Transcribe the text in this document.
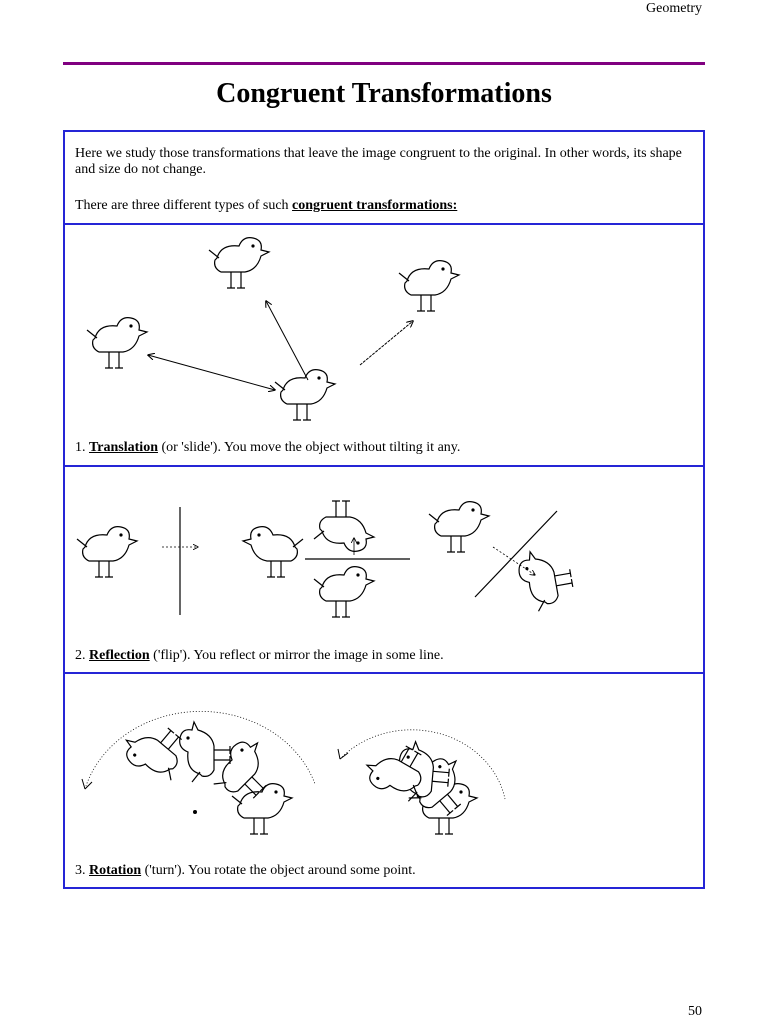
Geometry
Congruent Transformations

Here we study those transformations that leave the image congruent to the original. In other words, its shape and size do not change.

There are three different types of such congruent transformations:

1. Translation (or 'slide'). You move the object without tilting it any.
2. Reflection ('flip'). You reflect or mirror the image in some line.
3. Rotation ('turn'). You rotate the object around some point.
50
